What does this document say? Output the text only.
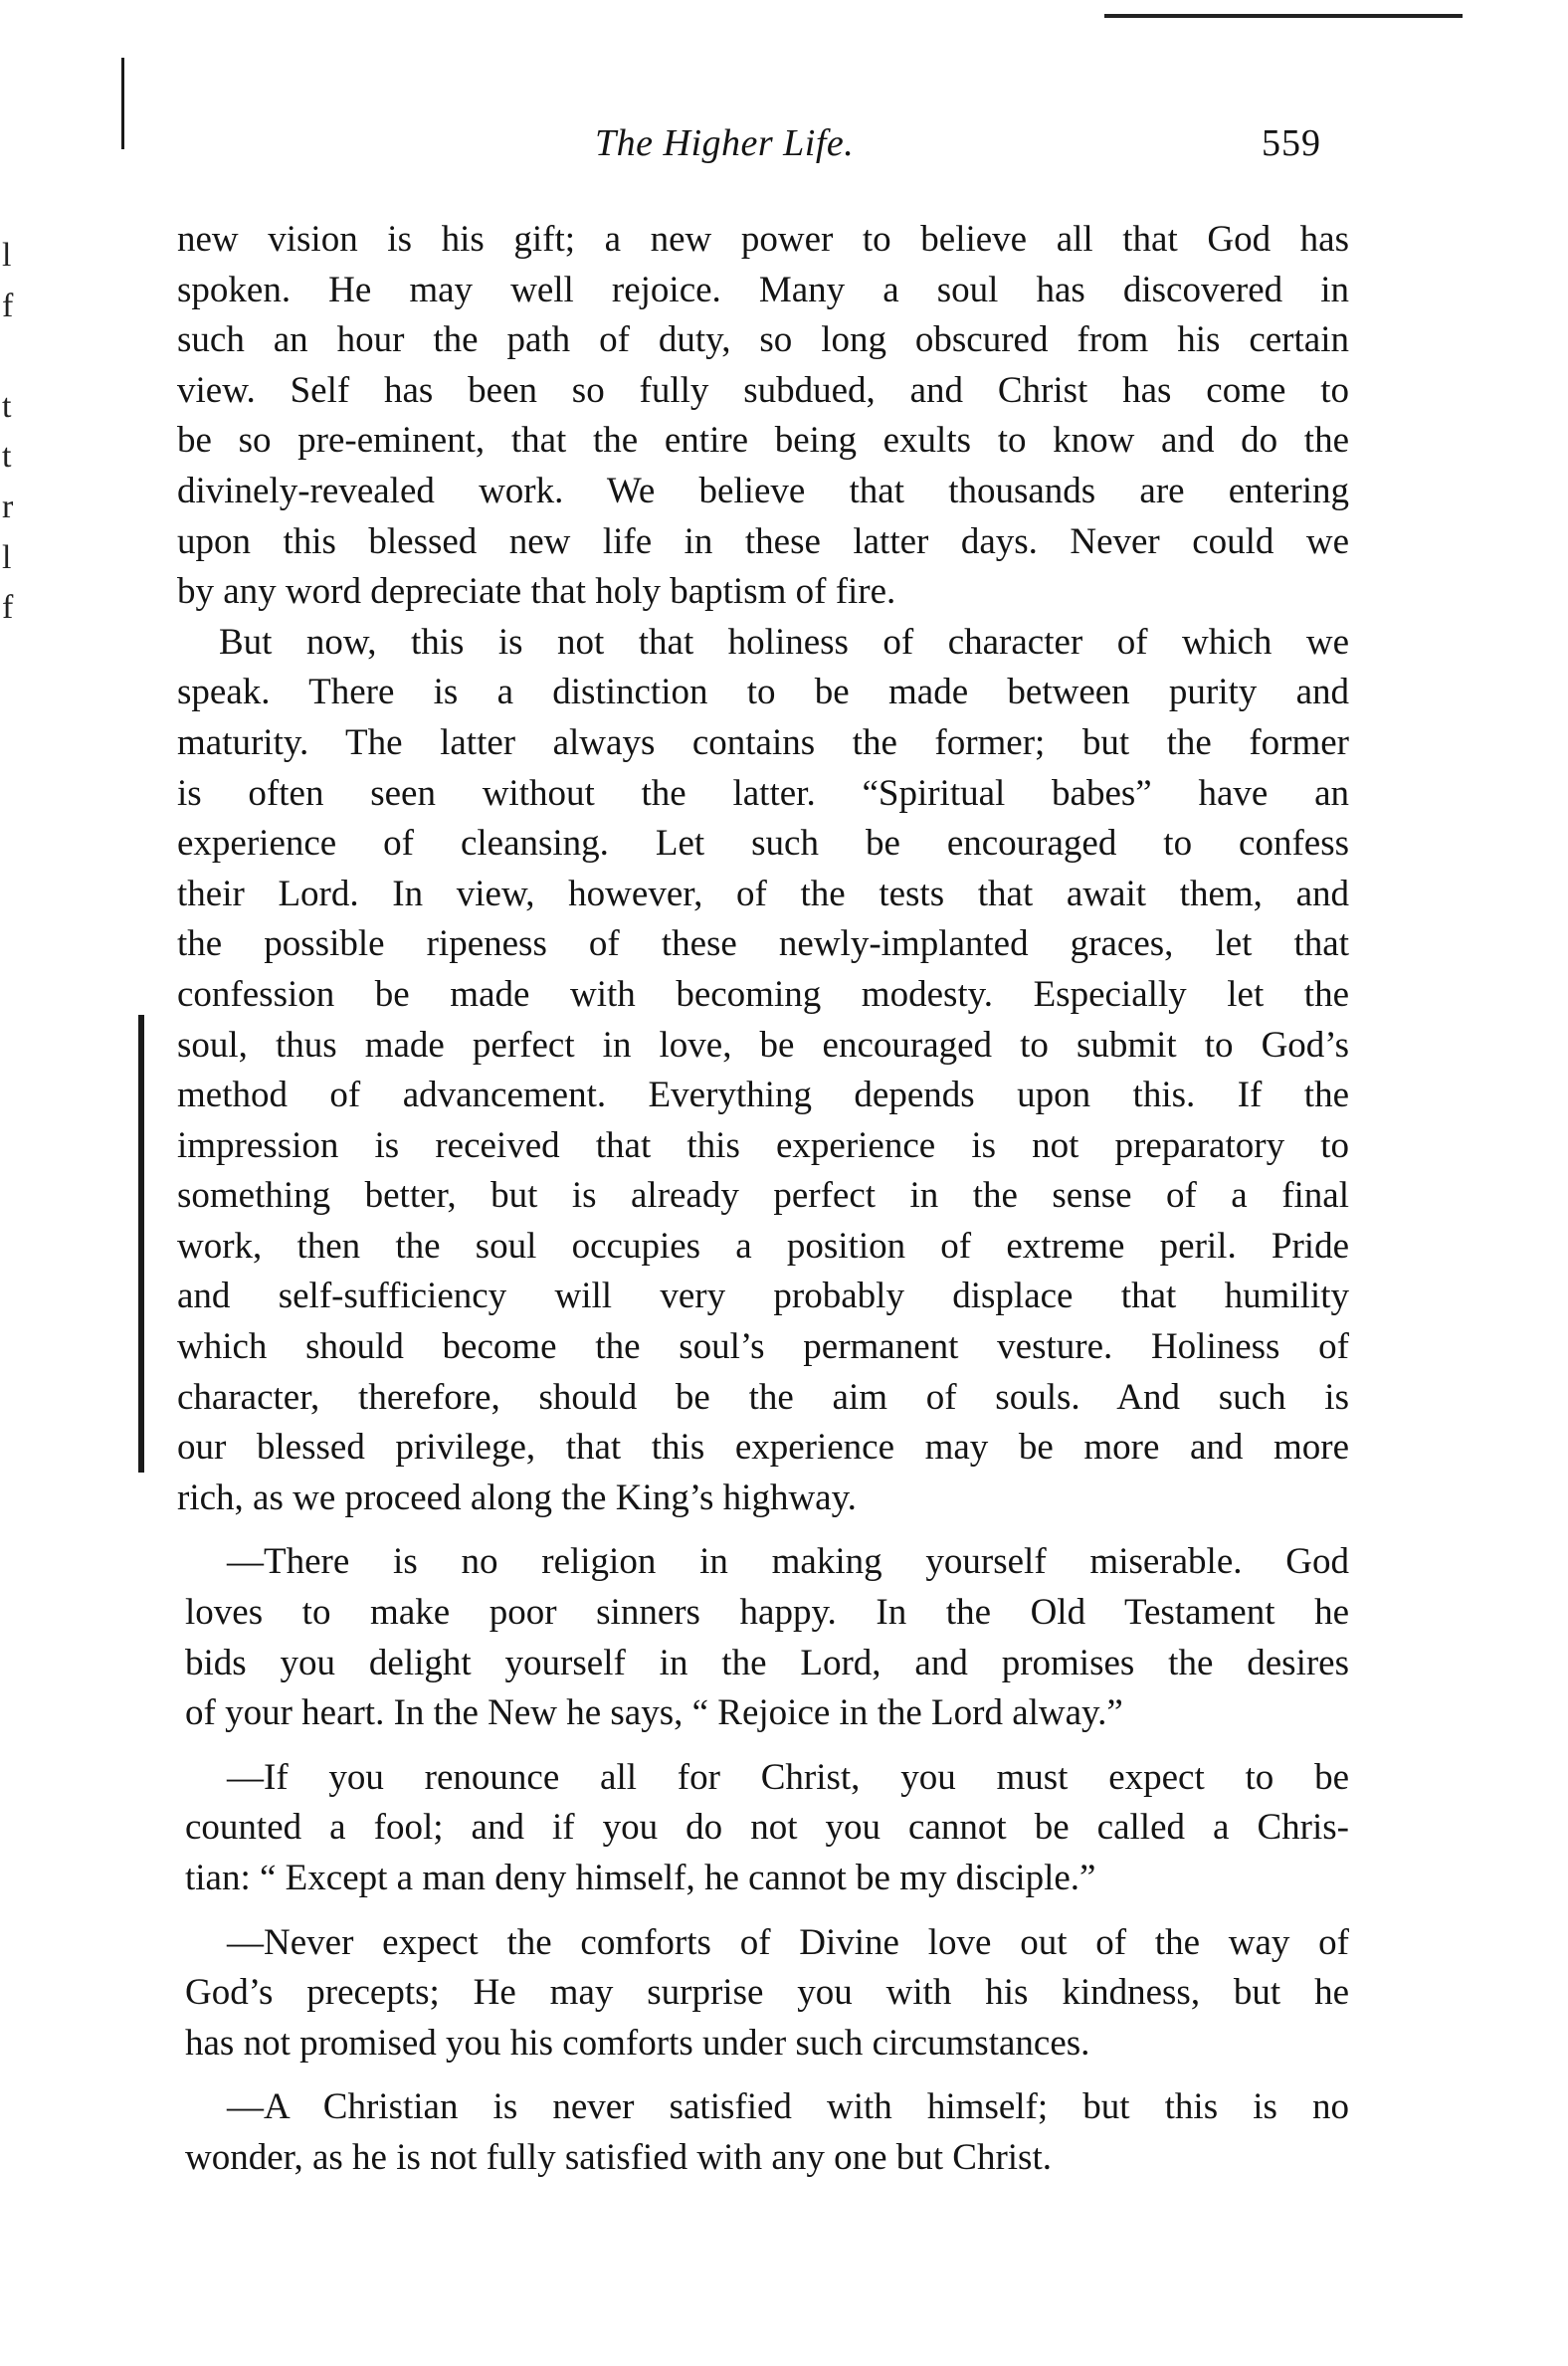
l
f
t
t
r
l
f
The Higher Life.	559
new vision is his gift; a new power to believe all that God has
spoken. He may well rejoice. Many a soul has discovered in
such an hour the path of duty, so long obscured from his certain
view. Self has been so fully subdued, and Christ has come to
be so pre-eminent, that the entire being exults to know and do the
divinely-revealed work. We believe that thousands are entering
upon this blessed new life in these latter days. Never could we
by any word depreciate that holy baptism of fire.
But now, this is not that holiness of character of which we
speak. There is a distinction to be made between purity and
maturity. The latter always contains the former; but the former
is often seen without the latter. “Spiritual babes” have an
experience of cleansing. Let such be encouraged to confess
their Lord. In view, however, of the tests that await them, and
the possible ripeness of these newly-implanted graces, let that
confession be made with becoming modesty. Especially let the
soul, thus made perfect in love, be encouraged to submit to God’s
method of advancement. Everything depends upon this. If the
impression is received that this experience is not preparatory to
something better, but is already perfect in the sense of a final
work, then the soul occupies a position of extreme peril. Pride
and self-sufficiency will very probably displace that humility
which should become the soul’s permanent vesture. Holiness of
character, therefore, should be the aim of souls. And such is
our blessed privilege, that this experience may be more and more
rich, as we proceed along the King’s highway.
—There is no religion in making yourself miserable. God
loves to make poor sinners happy. In the Old Testament he
bids you delight yourself in the Lord, and promises the desires
of your heart. In the New he says, “ Rejoice in the Lord alway.”
—If you renounce all for Christ, you must expect to be
counted a fool; and if you do not you cannot be called a Chris-
tian: “ Except a man deny himself, he cannot be my disciple.”
—Never expect the comforts of Divine love out of the way of
God’s precepts; He may surprise you with his kindness, but he
has not promised you his comforts under such circumstances.
—A Christian is never satisfied with himself; but this is no
wonder, as he is not fully satisfied with any one but Christ.
